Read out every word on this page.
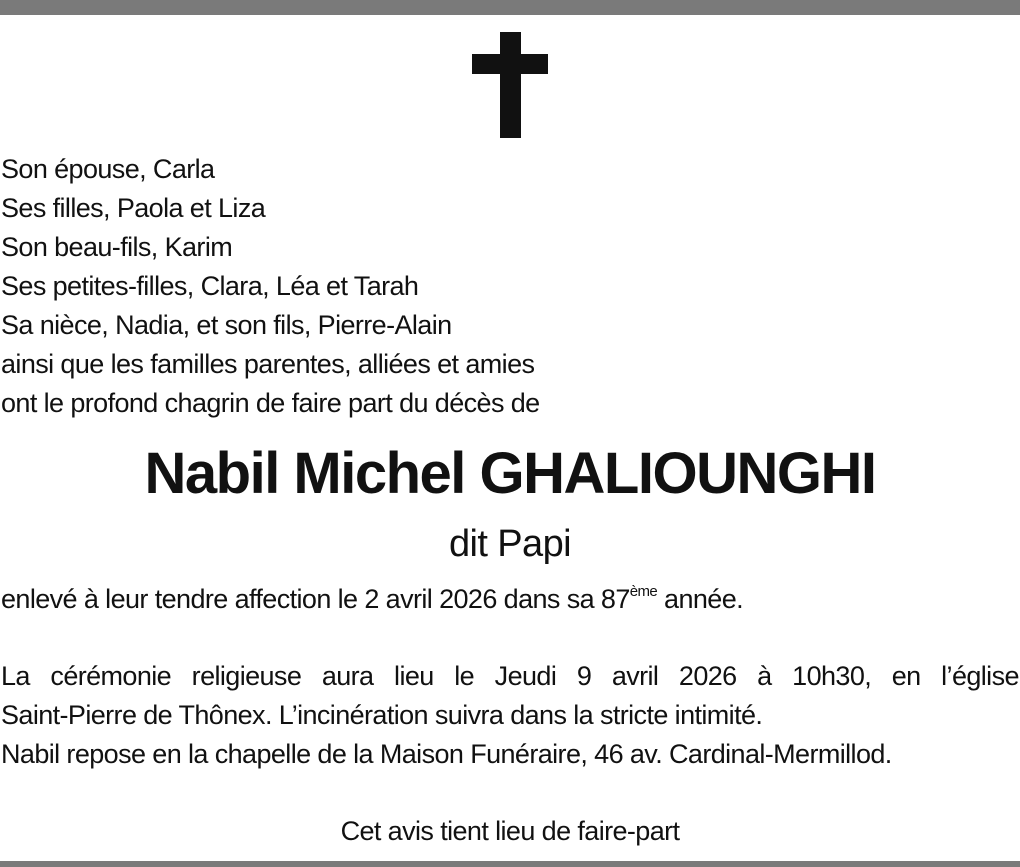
Son épouse, Carla
Ses filles, Paola et Liza
Son beau-fils, Karim
Ses petites-filles, Clara, Léa et Tarah
Sa nièce, Nadia, et son fils, Pierre-Alain
ainsi que les familles parentes, alliées et amies
ont le profond chagrin de faire part du décès de
Nabil Michel GHALIOUNGHI
dit Papi
enlevé à leur tendre affection le 2 avril 2026 dans sa 87ème année.
La cérémonie religieuse aura lieu le Jeudi 9 avril 2026 à 10h30, en l’église
Saint-Pierre de Thônex. L’incinération suivra dans la stricte intimité.
Nabil repose en la chapelle de la Maison Funéraire, 46 av. Cardinal-Mermillod.
Cet avis tient lieu de faire-part
